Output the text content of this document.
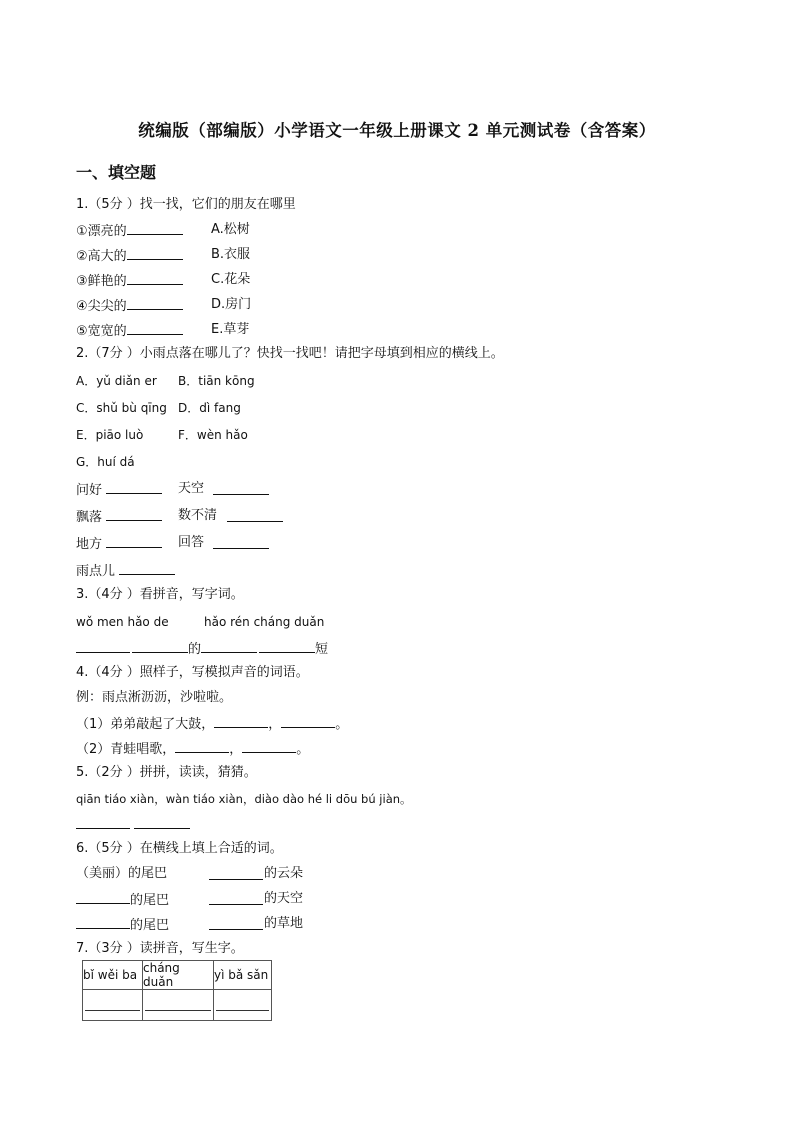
统编版（部编版）小学语文一年级上册课文 2 单元测试卷（含答案）
一、填空题
1.（5分 ）找一找，它们的朋友在哪里
①漂亮的	A.松树
②高大的	B.衣服
③鲜艳的	C.花朵
④尖尖的	D.房门
⑤宽宽的	E.草芽
2.（7分 ）小雨点落在哪儿了？快找一找吧！请把字母填到相应的横线上。
A．yǔ diǎn er B．tiān kōng
C．shǔ bù qīng D．dì fang
E．piāo luò	F．wèn hǎo
G．huí dá
问好	天空
飘落	数不清
地方	回答
雨点儿
3.（4分 ）看拼音，写字词。
wǒ men hǎo de	hǎo rén cháng duǎn
的	短
4.（4分 ）照样子，写模拟声音的词语。
例：雨点淅沥沥，沙啦啦。
（1）弟弟敲起了大鼓，	，	。
（2）青蛙唱歌，	，	。
5.（2分 ）拼拼，读读，猜猜。
qiān tiáo xiàn，wàn tiáo xiàn，diào dào hé li dōu bú jiàn。
6.（5分 ）在横线上填上合适的词。
（美丽）的尾巴	的云朵
的尾巴	的天空
的尾巴	的草地
7.（3分 ）读拼音，写生字。
bǐ wěi ba	cháng duǎn	yì bǎ sǎn
